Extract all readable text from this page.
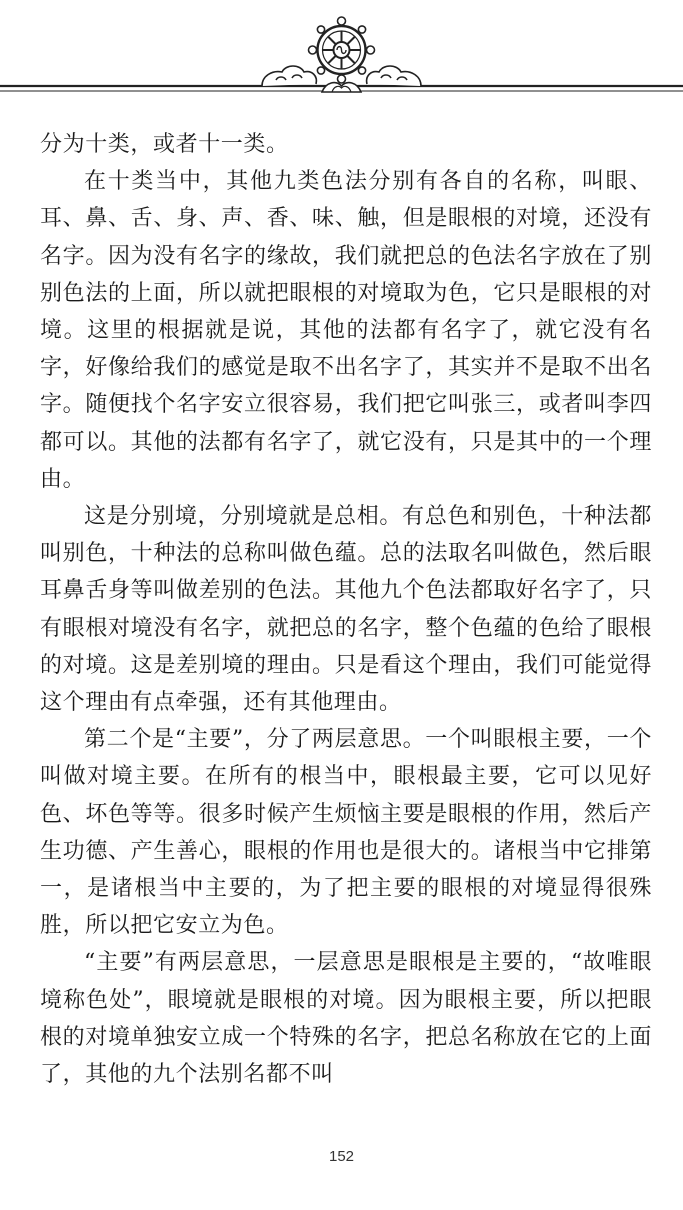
分为十类，或者十一类。

在十类当中，其他九类色法分别有各自的名称，叫眼、耳、鼻、舌、身、声、香、味、触，但是眼根的对境，还没有名字。因为没有名字的缘故，我们就把总的色法名字放在了别别色法的上面，所以就把眼根的对境取为色，它只是眼根的对境。这里的根据就是说，其他的法都有名字了，就它没有名字，好像给我们的感觉是取不出名字了，其实并不是取不出名字。随便找个名字安立很容易，我们把它叫张三，或者叫李四都可以。其他的法都有名字了，就它没有，只是其中的一个理由。

这是分别境，分别境就是总相。有总色和别色，十种法都叫别色，十种法的总称叫做色蕴。总的法取名叫做色，然后眼耳鼻舌身等叫做差别的色法。其他九个色法都取好名字了，只有眼根对境没有名字，就把总的名字，整个色蕴的色给了眼根的对境。这是差别境的理由。只是看这个理由，我们可能觉得这个理由有点牵强，还有其他理由。

第二个是“主要”，分了两层意思。一个叫眼根主要，一个叫做对境主要。在所有的根当中，眼根最主要，它可以见好色、坏色等等。很多时候产生烦恼主要是眼根的作用，然后产生功德、产生善心，眼根的作用也是很大的。诸根当中它排第一，是诸根当中主要的，为了把主要的眼根的对境显得很殊胜，所以把它安立为色。

“主要”有两层意思，一层意思是眼根是主要的，“故唯眼境称色处”，眼境就是眼根的对境。因为眼根主要，所以把眼根的对境单独安立成一个特殊的名字，把总名称放在它的上面了，其他的九个法别名都不叫

152
